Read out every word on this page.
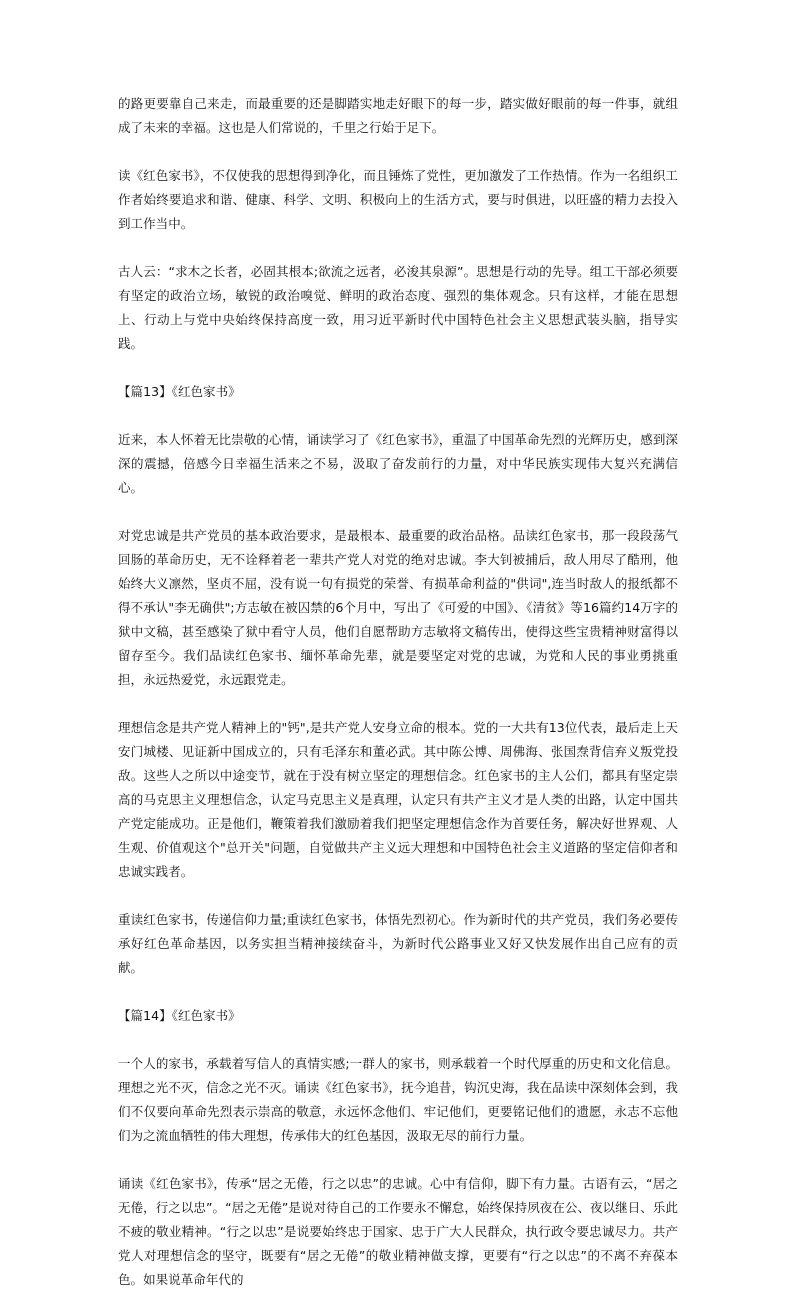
的路更要靠自己来走，而最重要的还是脚踏实地走好眼下的每一步，踏实做好眼前的每一件事，就组成了未来的幸福。这也是人们常说的，千里之行始于足下。

读《红色家书》，不仅使我的思想得到净化，而且锤炼了党性，更加激发了工作热情。作为一名组织工作者始终要追求和谐、健康、科学、文明、积极向上的生活方式，要与时俱进，以旺盛的精力去投入到工作当中。

古人云：“求木之长者，必固其根本;欲流之远者，必浚其泉源”。思想是行动的先导。组工干部必须要有坚定的政治立场，敏锐的政治嗅觉、鲜明的政治态度、强烈的集体观念。只有这样，才能在思想上、行动上与党中央始终保持高度一致，用习近平新时代中国特色社会主义思想武装头脑，指导实践。

【篇13】《红色家书》

近来，本人怀着无比崇敬的心情，诵读学习了《红色家书》，重温了中国革命先烈的光辉历史，感到深深的震撼，倍感今日幸福生活来之不易，汲取了奋发前行的力量，对中华民族实现伟大复兴充满信心。

对党忠诚是共产党员的基本政治要求，是最根本、最重要的政治品格。品读红色家书，那一段段荡气回肠的革命历史，无不诠释着老一辈共产党人对党的绝对忠诚。李大钊被捕后，敌人用尽了酷刑，他始终大义凛然，坚贞不屈，没有说一句有损党的荣誉、有损革命利益的"供词",连当时敌人的报纸都不得不承认"李无确供";方志敏在被囚禁的6个月中，写出了《可爱的中国》、《清贫》等16篇约14万字的狱中文稿，甚至感染了狱中看守人员，他们自愿帮助方志敏将文稿传出，使得这些宝贵精神财富得以留存至今。我们品读红色家书、缅怀革命先辈，就是要坚定对党的忠诚，为党和人民的事业勇挑重担，永远热爱党，永远跟党走。

理想信念是共产党人精神上的"钙",是共产党人安身立命的根本。党的一大共有13位代表，最后走上天安门城楼、见证新中国成立的，只有毛泽东和董必武。其中陈公博、周佛海、张国焘背信弃义叛党投敌。这些人之所以中途变节，就在于没有树立坚定的理想信念。红色家书的主人公们，都具有坚定崇高的马克思主义理想信念，认定马克思主义是真理，认定只有共产主义才是人类的出路，认定中国共产党定能成功。正是他们，鞭策着我们激励着我们把坚定理想信念作为首要任务，解决好世界观、人生观、价值观这个"总开关"问题，自觉做共产主义远大理想和中国特色社会主义道路的坚定信仰者和忠诚实践者。

重读红色家书，传递信仰力量;重读红色家书，体悟先烈初心。作为新时代的共产党员，我们务必要传承好红色革命基因，以务实担当精神接续奋斗，为新时代公路事业又好又快发展作出自己应有的贡献。

【篇14】《红色家书》

一个人的家书，承载着写信人的真情实感;一群人的家书，则承载着一个时代厚重的历史和文化信息。理想之光不灭，信念之光不灭。诵读《红色家书》，抚今追昔，钩沉史海，我在品读中深刻体会到，我们不仅要向革命先烈表示崇高的敬意，永远怀念他们、牢记他们，更要铭记他们的遗愿，永志不忘他们为之流血牺牲的伟大理想，传承伟大的红色基因，汲取无尽的前行力量。

诵读《红色家书》，传承“居之无倦，行之以忠”的忠诚。心中有信仰，脚下有力量。古语有云，“居之无倦，行之以忠”。“居之无倦”是说对待自己的工作要永不懈怠，始终保持夙夜在公、夜以继日、乐此不疲的敬业精神。“行之以忠”是说要始终忠于国家、忠于广大人民群众，执行政令要忠诚尽力。共产党人对理想信念的坚守，既要有“居之无倦”的敬业精神做支撑，更要有“行之以忠”的不离不弃葆本色。如果说革命年代的
